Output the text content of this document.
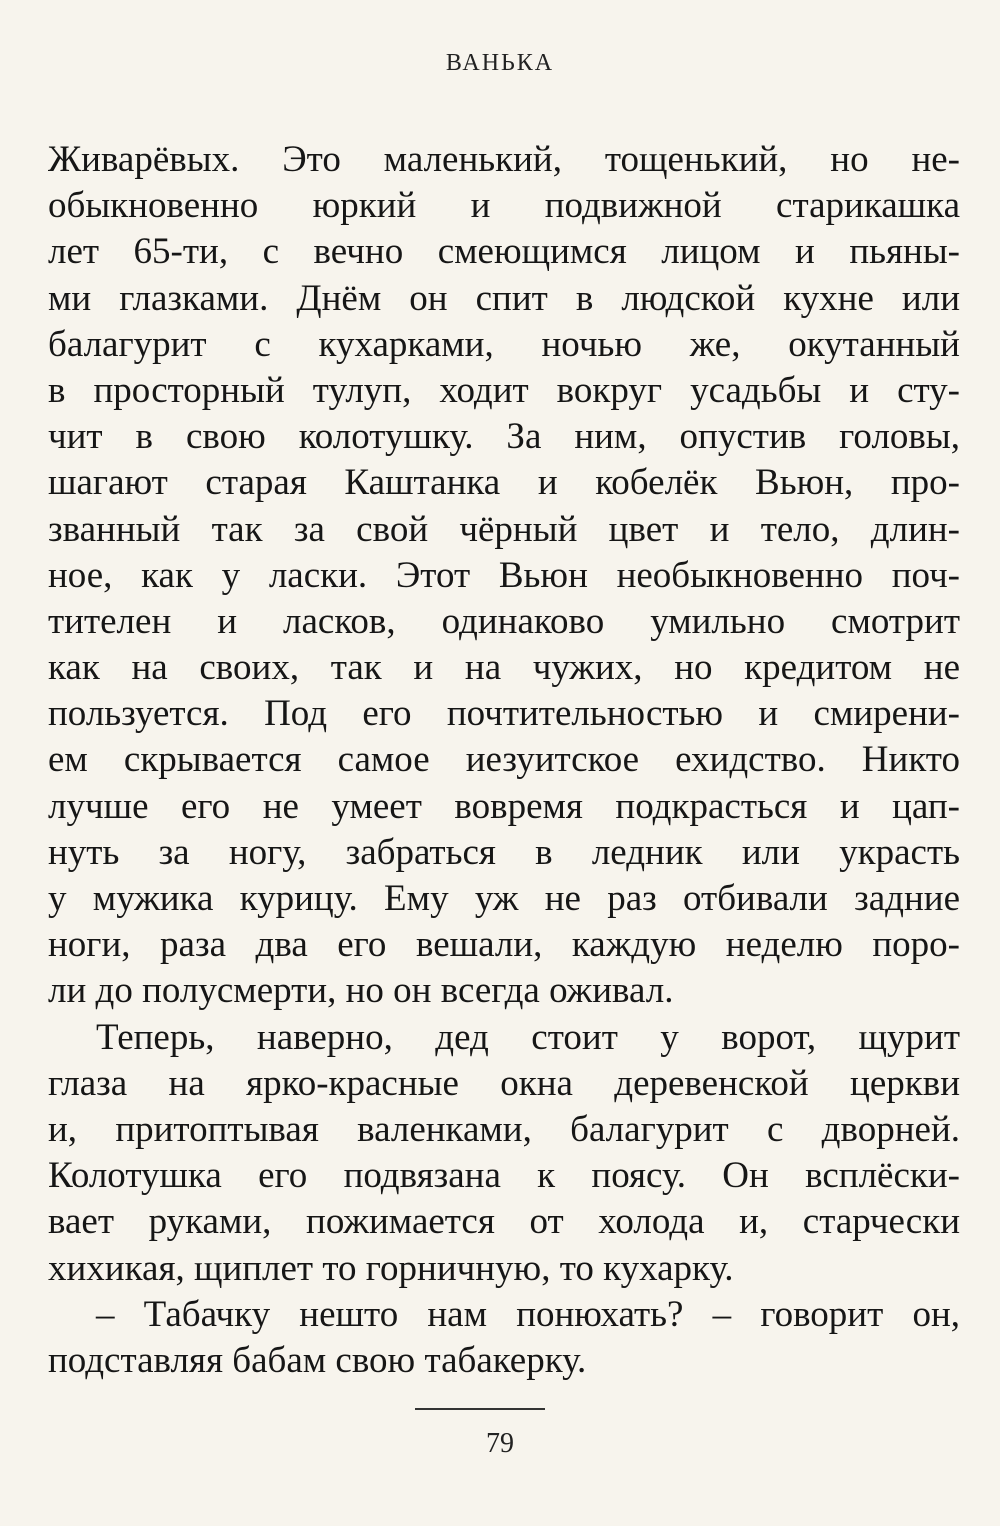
ВАНЬКА
Живарёвых. Это маленький, тощенький, но не-
обыкновенно юркий и подвижной старикашка
лет 65-ти, с вечно смеющимся лицом и пьяны-
ми глазками. Днём он спит в людской кухне или
балагурит с кухарками, ночью же, окутанный
в просторный тулуп, ходит вокруг усадьбы и сту-
чит в свою колотушку. За ним, опустив головы,
шагают старая Каштанка и кобелёк Вьюн, про-
званный так за свой чёрный цвет и тело, длин-
ное, как у ласки. Этот Вьюн необыкновенно поч-
тителен и ласков, одинаково умильно смотрит
как на своих, так и на чужих, но кредитом не
пользуется. Под его почтительностью и смирени-
ем скрывается самое иезуитское ехидство. Никто
лучше его не умеет вовремя подкрасться и цап-
нуть за ногу, забраться в ледник или украсть
у мужика курицу. Ему уж не раз отбивали задние
ноги, раза два его вешали, каждую неделю поро-
ли до полусмерти, но он всегда оживал.
Теперь, наверно, дед стоит у ворот, щурит
глаза на ярко-красные окна деревенской церкви
и, притоптывая валенками, балагурит с дворней.
Колотушка его подвязана к поясу. Он всплёски-
вает руками, пожимается от холода и, старчески
хихикая, щиплет то горничную, то кухарку.
– Табачку нешто нам понюхать? – говорит он,
подставляя бабам свою табакерку.
79
